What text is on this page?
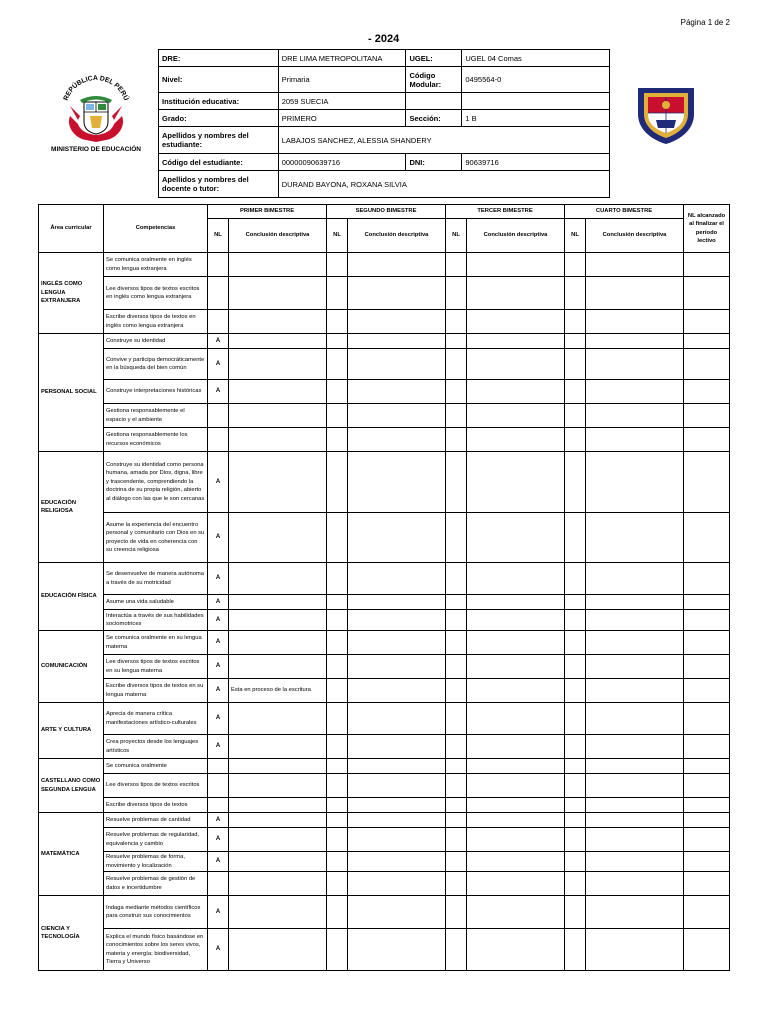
Página 1 de 2
- 2024
REPÚBLICA DEL PERÚ
MINISTERIO DE EDUCACIÓN
DRE:	DRE LIMA METROPOLITANA	UGEL:	UGEL 04 Comas
Nivel:	Primaria	Código Modular:	0495564-0
Institución educativa:	2059 SUECIA		
Grado:	PRIMERO	Sección:	1 B
Apellidos y nombres del estudiante:	LABAJOS SANCHEZ, ALESSIA SHANDERY		
Código del estudiante:	00000090639716	DNI:	90639716
Apellidos y nombres del docente o tutor:	DURAND BAYONA, ROXANA SILVIA		
Área curricular	Competencias	PRIMER BIMESTRE		SEGUNDO BIMESTRE		TERCER BIMESTRE		CUARTO BIMESTRE		NL alcanzado al finalizar el período lectivo
		NL	Conclusión descriptiva	NL	Conclusión descriptiva	NL	Conclusión descriptiva	NL	Conclusión descriptiva	
INGLÉS COMO LENGUA EXTRANJERA	Se comunica oralmente en inglés como lengua extranjera									
	Lee diversos tipos de textos escritos en inglés como lengua extranjera									
	Escribe diversos tipos de textos en inglés como lengua extranjera									
PERSONAL SOCIAL	Construye su identidad	A								
	Convive y participa democráticamente en la búsqueda del bien común	A								
	Construye interpretaciones históricas	A								
	Gestiona responsablemente el espacio y el ambiente									
	Gestiona responsablemente los recursos económicos									
EDUCACIÓN RELIGIOSA	Construye su identidad como persona humana, amada por Dios, digna, libre y trascendente, comprendiendo la doctrina de su propia religión, abierto al diálogo con las que le son cercanas	A								
	Asume la experiencia del encuentro personal y comunitario con Dios en su proyecto de vida en coherencia con su creencia religiosa	A								
EDUCACIÓN FÍSICA	Se desenvuelve de manera autónoma a través de su motricidad	A								
	Asume una vida saludable	A								
	Interactúa a través de sus habilidades sociomotrices	A								
COMUNICACIÓN	Se comunica oralmente en su lengua materna	A								
	Lee diversos tipos de textos escritos en su lengua materna	A								
	Escribe diversos tipos de textos en su lengua materna	A	Esta en proceso de la escritura							
ARTE Y CULTURA	Aprecia de manera crítica manifestaciones artístico-culturales	A								
	Crea proyectos desde los lenguajes artísticos	A								
CASTELLANO COMO SEGUNDA LENGUA	Se comunica oralmente									
	Lee diversos tipos de textos escritos									
	Escribe diversos tipos de textos									
MATEMÁTICA	Resuelve problemas de cantidad	A								
	Resuelve problemas de regularidad, equivalencia y cambio	A								
	Resuelve problemas de forma, movimiento y localización	A								
	Resuelve problemas de gestión de datos e incertidumbre									
CIENCIA Y TECNOLOGÍA	Indaga mediante métodos científicos para construir sus conocimientos	A								
	Explica el mundo físico basándose en conocimientos sobre los seres vivos, materia y energía; biodiversidad, Tierra y Universo	A								
